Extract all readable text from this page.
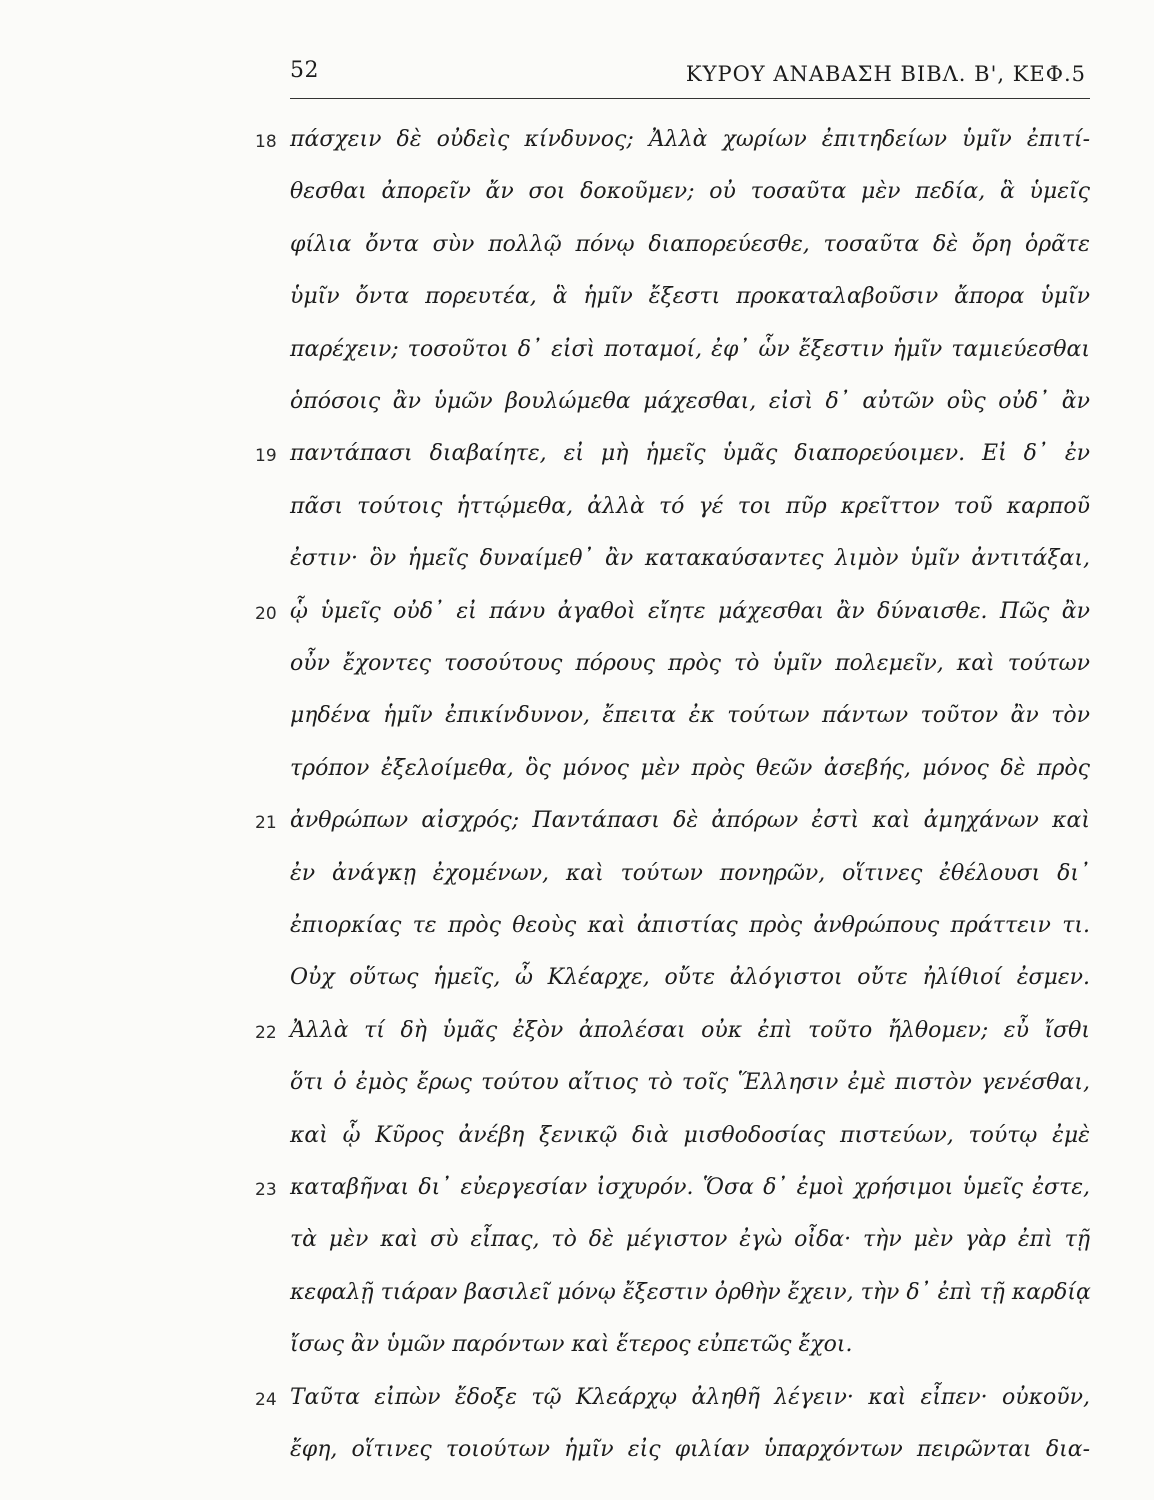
52	ΚΥΡΟΥ ΑΝΑΒΑΣΗ ΒΙΒΛ. Β', ΚΕΦ.5
18 πάσχειν δὲ οὐδεὶς κίνδυνος; Ἀλλὰ χωρίων ἐπιτηδείων ὑμῖν ἐπιτί-
θεσθαι ἀπορεῖν ἄν σοι δοκοῦμεν; οὐ τοσαῦτα μὲν πεδία, ἃ ὑμεῖς
φίλια ὄντα σὺν πολλῷ πόνῳ διαπορεύεσθε, τοσαῦτα δὲ ὄρη ὁρᾶτε
ὑμῖν ὄντα πορευτέα, ἃ ἡμῖν ἔξεστι προκαταλαβοῦσιν ἄπορα ὑμῖν
παρέχειν; τοσοῦτοι δ᾿ εἰσὶ ποταμοί, ἐφ᾿ ὧν ἔξεστιν ἡμῖν ταμιεύεσθαι
ὁπόσοις ἂν ὑμῶν βουλώμεθα μάχεσθαι, εἰσὶ δ᾿ αὐτῶν οὓς οὐδ᾿ ἂν
19 παντάπασι διαβαίητε, εἰ μὴ ἡμεῖς ὑμᾶς διαπορεύοιμεν. Εἰ δ᾿ ἐν
πᾶσι τούτοις ἡττῴμεθα, ἀλλὰ τό γέ τοι πῦρ κρεῖττον τοῦ καρποῦ
ἐστιν· ὃν ἡμεῖς δυναίμεθ᾿ ἂν κατακαύσαντες λιμὸν ὑμῖν ἀντιτάξαι,
20 ᾧ ὑμεῖς οὐδ᾿ εἰ πάνυ ἀγαθοὶ εἴητε μάχεσθαι ἂν δύναισθε. Πῶς ἂν
οὖν ἔχοντες τοσούτους πόρους πρὸς τὸ ὑμῖν πολεμεῖν, καὶ τούτων
μηδένα ἡμῖν ἐπικίνδυνον, ἔπειτα ἐκ τούτων πάντων τοῦτον ἂν τὸν
τρόπον ἐξελοίμεθα, ὃς μόνος μὲν πρὸς θεῶν ἀσεβής, μόνος δὲ πρὸς
21 ἀνθρώπων αἰσχρός; Παντάπασι δὲ ἀπόρων ἐστὶ καὶ ἀμηχάνων καὶ
ἐν ἀνάγκῃ ἐχομένων, καὶ τούτων πονηρῶν, οἵτινες ἐθέλουσι δι᾿
ἐπιορκίας τε πρὸς θεοὺς καὶ ἀπιστίας πρὸς ἀνθρώπους πράττειν τι.
Οὐχ οὕτως ἡμεῖς, ὦ Κλέαρχε, οὔτε ἀλόγιστοι οὔτε ἠλίθιοί ἐσμεν.
22 Ἀλλὰ τί δὴ ὑμᾶς ἐξὸν ἀπολέσαι οὐκ ἐπὶ τοῦτο ἤλθομεν; εὖ ἴσθι
ὅτι ὁ ἐμὸς ἔρως τούτου αἴτιος τὸ τοῖς Ἕλλησιν ἐμὲ πιστὸν γενέσθαι,
καὶ ᾧ Κῦρος ἀνέβη ξενικῷ διὰ μισθοδοσίας πιστεύων, τούτῳ ἐμὲ
23 καταβῆναι δι᾿ εὐεργεσίαν ἰσχυρόν. Ὅσα δ᾿ ἐμοὶ χρήσιμοι ὑμεῖς ἐστε,
τὰ μὲν καὶ σὺ εἶπας, τὸ δὲ μέγιστον ἐγὼ οἶδα· τὴν μὲν γὰρ ἐπὶ τῇ
κεφαλῇ τιάραν βασιλεῖ μόνῳ ἔξεστιν ὀρθὴν ἔχειν, τὴν δ᾿ ἐπὶ τῇ καρδίᾳ
ἴσως ἂν ὑμῶν παρόντων καὶ ἕτερος εὐπετῶς ἔχοι.
24 Ταῦτα εἰπὼν ἔδοξε τῷ Κλεάρχῳ ἀληθῆ λέγειν· καὶ εἶπεν· οὐκοῦν,
ἔφη, οἵτινες τοιούτων ἡμῖν εἰς φιλίαν ὑπαρχόντων πειρῶνται δια-
